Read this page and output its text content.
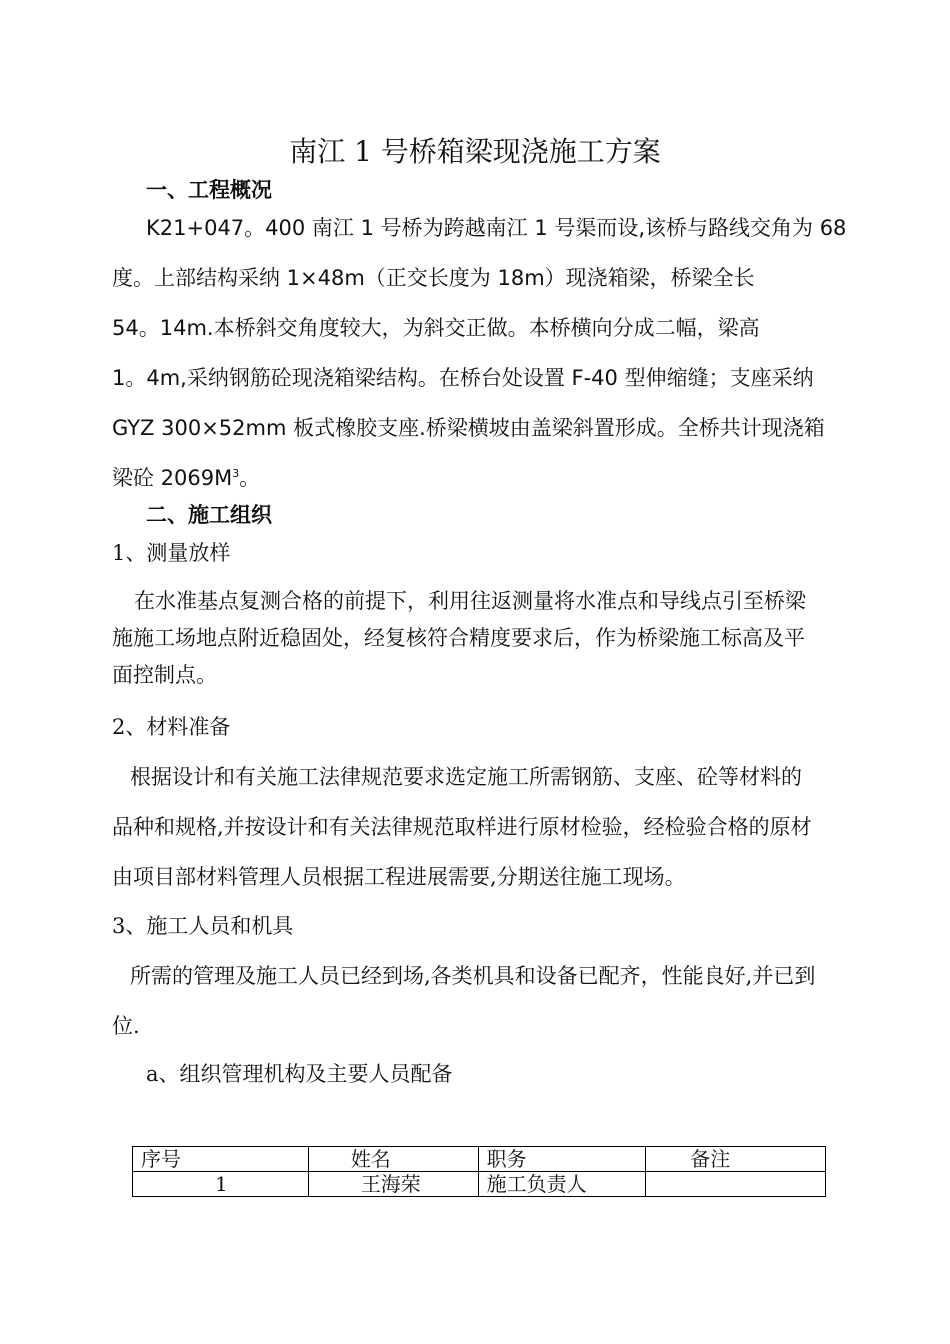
南江 1 号桥箱梁现浇施工方案
一、工程概况
K21+047。400 南江 1 号桥为跨越南江 1 号渠而设,该桥与路线交角为 68
度。上部结构采纳 1×48m（正交长度为 18m）现浇箱梁，桥梁全长
54。14m.本桥斜交角度较大，为斜交正做。本桥横向分成二幅，梁高
1。4m,采纳钢筋砼现浇箱梁结构。在桥台处设置 F-40 型伸缩缝；支座采纳
GYZ 300×52mm 板式橡胶支座.桥梁横坡由盖梁斜置形成。全桥共计现浇箱
梁砼 $2069M^3$。
二、施工组织
1、测量放样
在水准基点复测合格的前提下，利用往返测量将水准点和导线点引至桥梁
施施工场地点附近稳固处，经复核符合精度要求后，作为桥梁施工标高及平
面控制点。
2、材料准备
根据设计和有关施工法律规范要求选定施工所需钢筋、支座、砼等材料的
品种和规格,并按设计和有关法律规范取样进行原材检验，经检验合格的原材
由项目部材料管理人员根据工程进展需要,分期送往施工现场。
3、施工人员和机具
所需的管理及施工人员已经到场,各类机具和设备已配齐，性能良好,并已到
位.
a、组织管理机构及主要人员配备
序号	姓名	职务	备注
1	王海荣	施工负责人	
